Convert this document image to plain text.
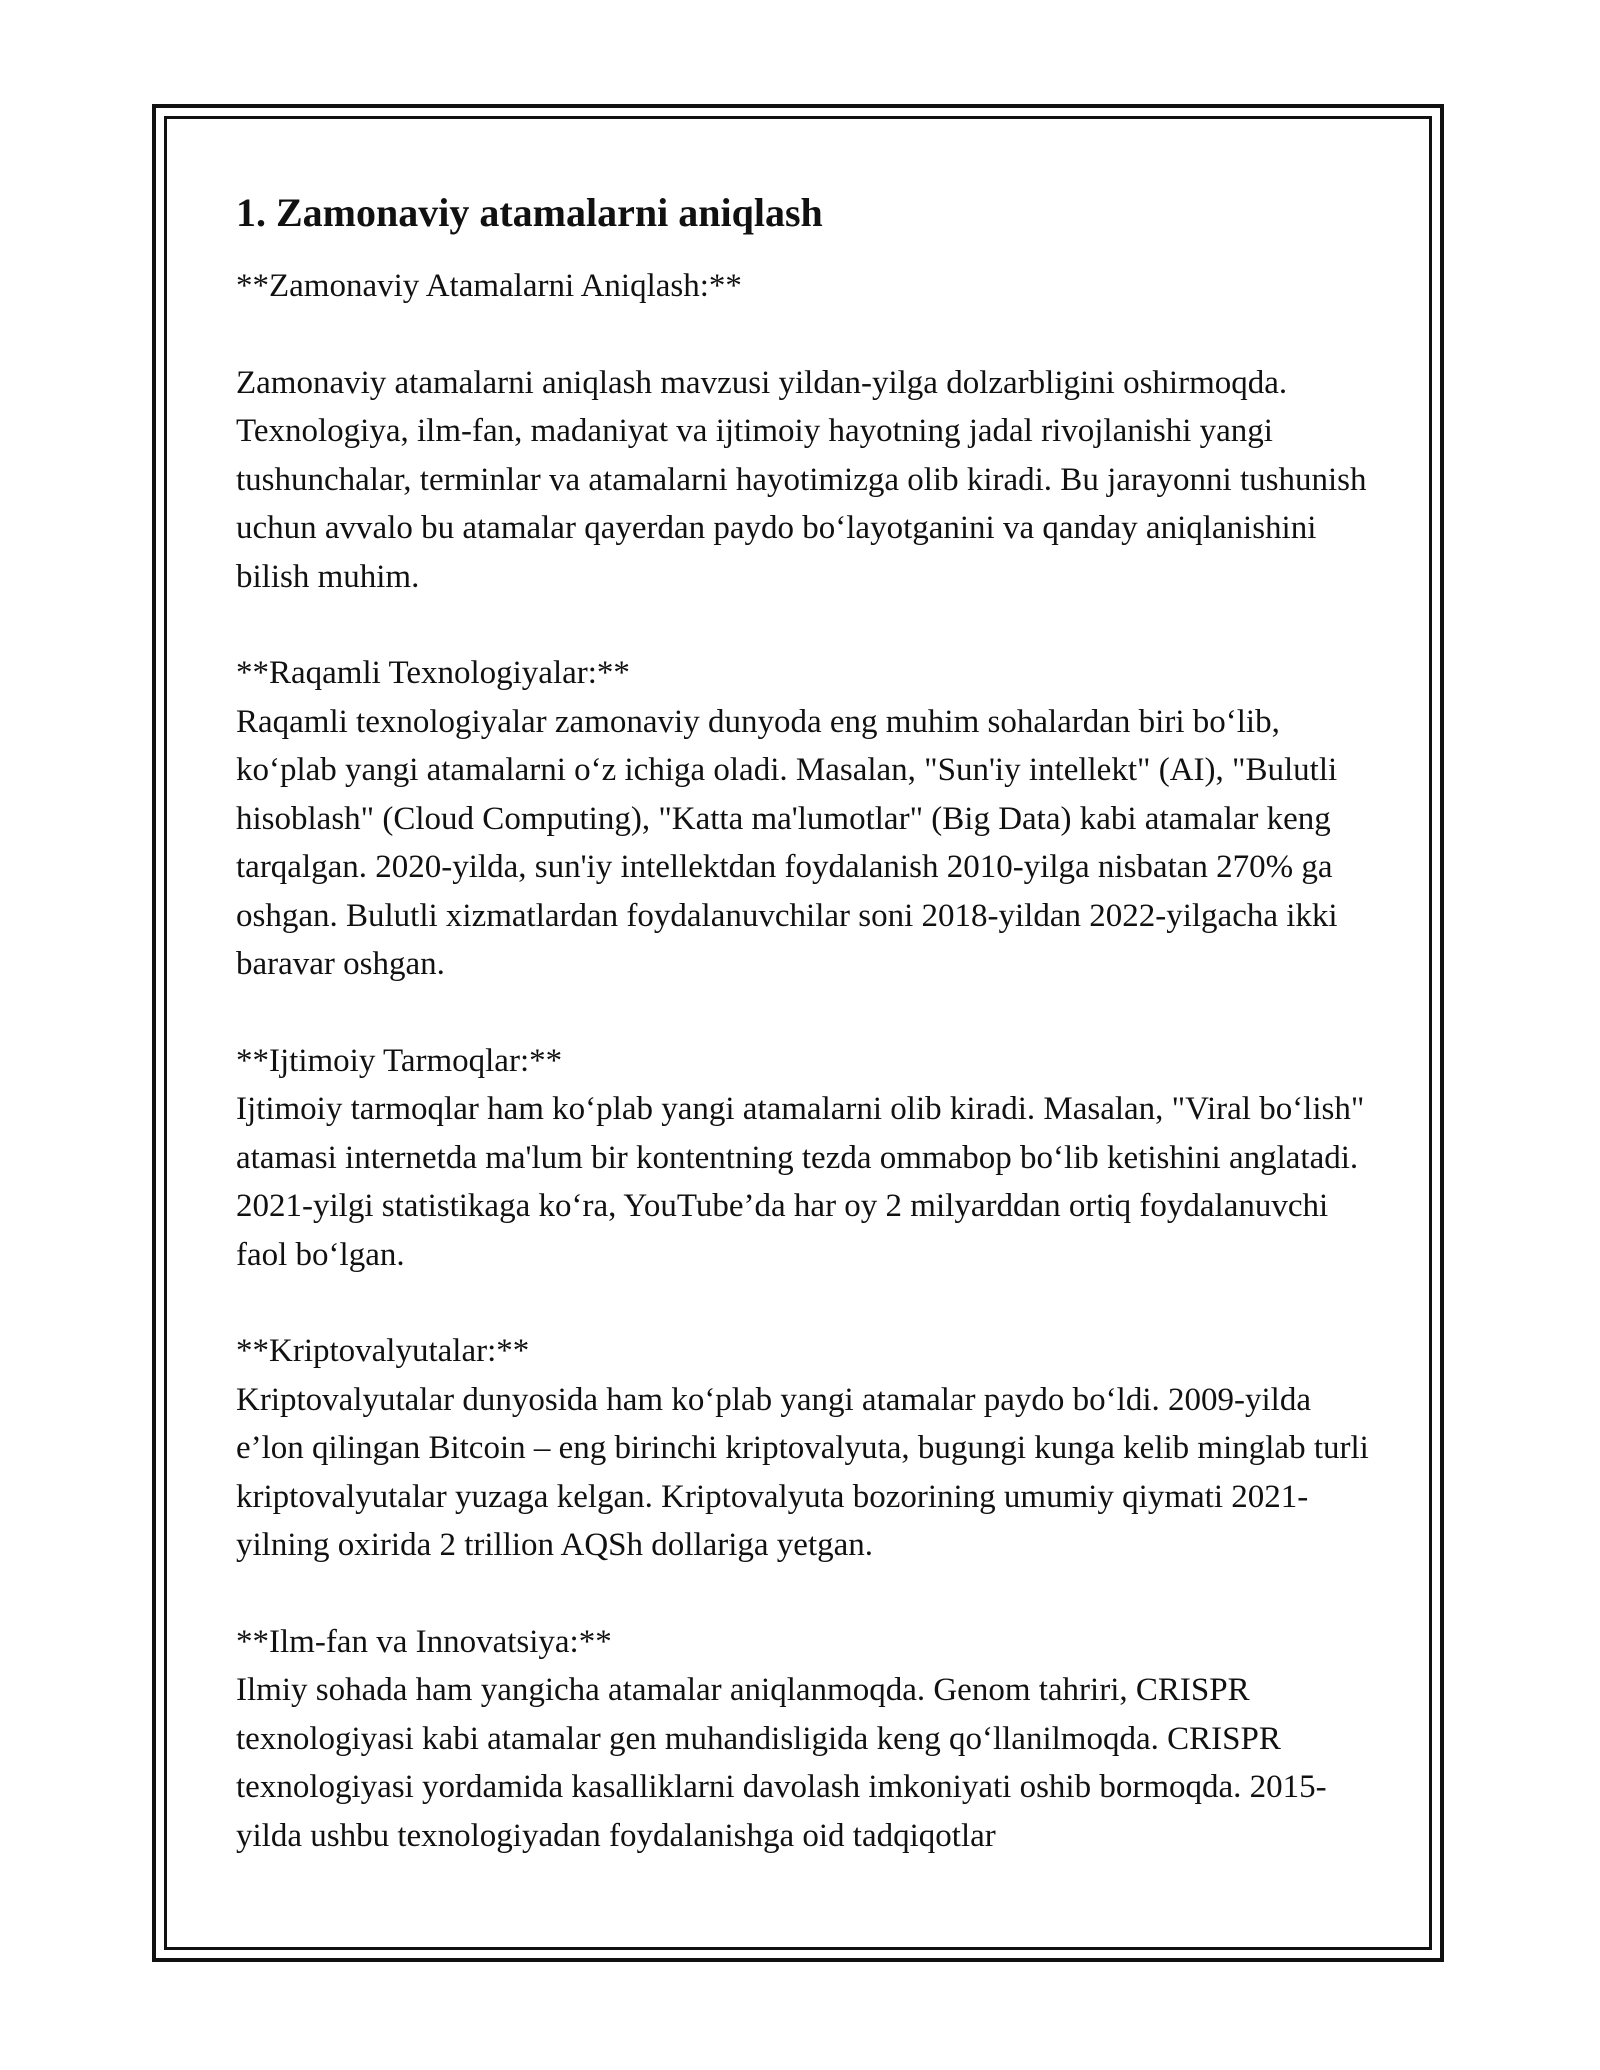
1. Zamonaviy atamalarni aniqlash

**Zamonaviy Atamalarni Aniqlash:**

Zamonaviy atamalarni aniqlash mavzusi yildan-yilga dolzarbligini oshirmoqda. Texnologiya, ilm-fan, madaniyat va ijtimoiy hayotning jadal rivojlanishi yangi tushunchalar, terminlar va atamalarni hayotimizga olib kiradi. Bu jarayonni tushunish uchun avvalo bu atamalar qayerdan paydo bo‘layotganini va qanday aniqlanishini bilish muhim.

**Raqamli Texnologiyalar:**

Raqamli texnologiyalar zamonaviy dunyoda eng muhim sohalardan biri bo‘lib, ko‘plab yangi atamalarni o‘z ichiga oladi. Masalan, "Sun'iy intellekt" (AI), "Bulutli hisoblash" (Cloud Computing), "Katta ma'lumotlar" (Big Data) kabi atamalar keng tarqalgan. 2020-yilda, sun'iy intellektdan foydalanish 2010-yilga nisbatan 270% ga oshgan. Bulutli xizmatlardan foydalanuvchilar soni 2018-yildan 2022-yilgacha ikki baravar oshgan.

**Ijtimoiy Tarmoqlar:**

Ijtimoiy tarmoqlar ham ko‘plab yangi atamalarni olib kiradi. Masalan, "Viral bo‘lish" atamasi internetda ma'lum bir kontentning tezda ommabop bo‘lib ketishini anglatadi. 2021-yilgi statistikaga ko‘ra, YouTube’da har oy 2 milyarddan ortiq foydalanuvchi faol bo‘lgan.

**Kriptovalyutalar:**

Kriptovalyutalar dunyosida ham ko‘plab yangi atamalar paydo bo‘ldi. 2009-yilda e’lon qilingan Bitcoin – eng birinchi kriptovalyuta, bugungi kunga kelib minglab turli kriptovalyutalar yuzaga kelgan. Kriptovalyuta bozorining umumiy qiymati 2021-yilning oxirida 2 trillion AQSh dollariga yetgan.

**Ilm-fan va Innovatsiya:**

Ilmiy sohada ham yangicha atamalar aniqlanmoqda. Genom tahriri, CRISPR texnologiyasi kabi atamalar gen muhandisligida keng qo‘llanilmoqda. CRISPR texnologiyasi yordamida kasalliklarni davolash imkoniyati oshib bormoqda. 2015-yilda ushbu texnologiyadan foydalanishga oid tadqiqotlar
